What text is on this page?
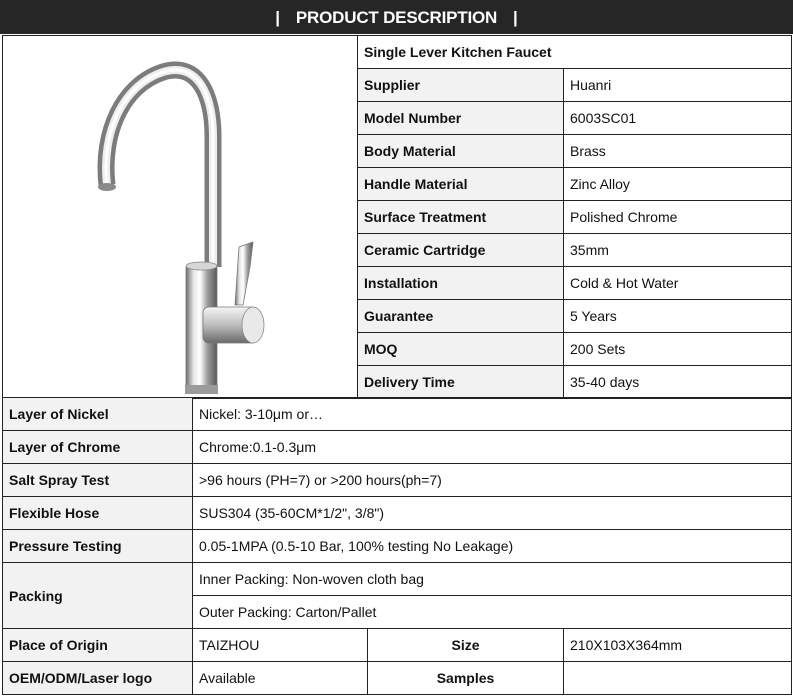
| PRODUCT DESCRIPTION |
	Single Lever Kitchen Faucet	
	Supplier	Huanri
	Model Number	6003SC01
	Body Material	Brass
	Handle Material	Zinc Alloy
	Surface Treatment	Polished Chrome
	Ceramic Cartridge	35mm
	Installation	Cold & Hot Water
	Guarantee	5 Years
	MOQ	200 Sets
	Delivery Time	35-40 days
Layer of Nickel	Nickel: 3-10μm or…		
Layer of Chrome	Chrome:0.1-0.3μm		
Salt Spray Test	>96 hours (PH=7) or >200 hours(ph=7)		
Flexible Hose	SUS304 (35-60CM*1/2", 3/8")		
Pressure Testing	0.05-1MPA (0.5-10 Bar, 100% testing No Leakage)		
Packing	Inner Packing: Non-woven cloth bag		
	Outer Packing: Carton/Pallet		
Place of Origin	TAIZHOU	Size	210X103X364mm
OEM/ODM/Laser logo	Available	Samples	
